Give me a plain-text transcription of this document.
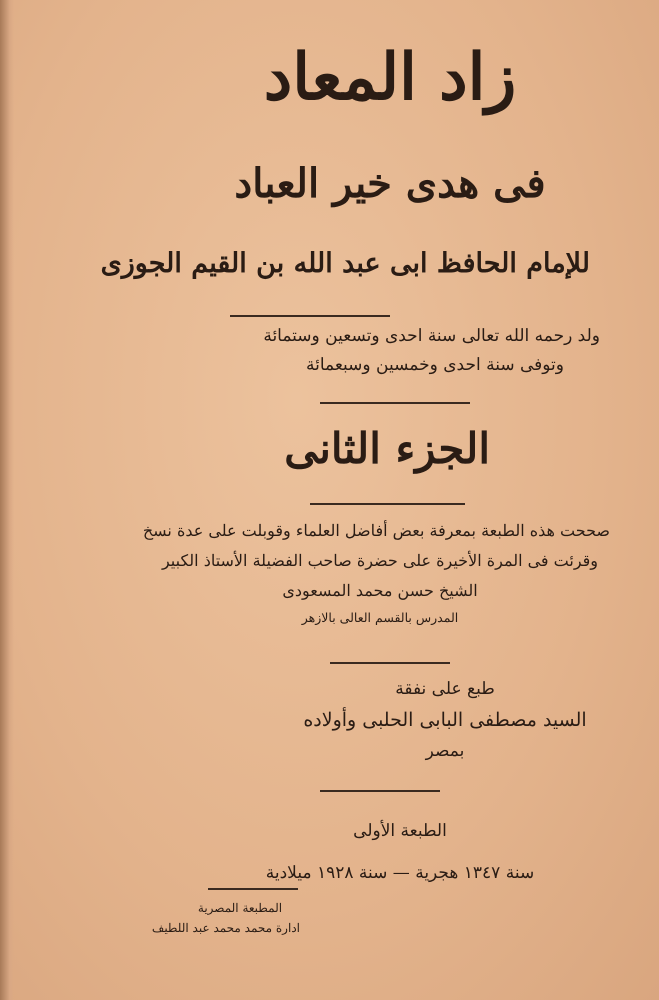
زاد المعاد
فى هدى خير العباد
للإمام الحافظ ابى عبد الله بن القيم الجوزى
ولد رحمه الله تعالى سنة احدى وتسعين وستمائة
وتوفى سنة احدى وخمسين وسبعمائة
الجزء الثانى
صححت هذه الطبعة بمعرفة بعض أفاضل العلماء وقوبلت على عدة نسخ
وقرئت فى المرة الأخيرة على حضرة صاحب الفضيلة الأستاذ الكبير
الشيخ حسن محمد المسعودى
المدرس بالقسم العالى بالازهر
طبع على نفقة
السيد مصطفى البابى الحلبى وأولاده
بمصر
الطبعة الأولى
سنة ١٣٤٧ هجرية — سنة ١٩٢٨ ميلادية
المطبعة المصرية
ادارة محمد محمد عبد اللطيف
